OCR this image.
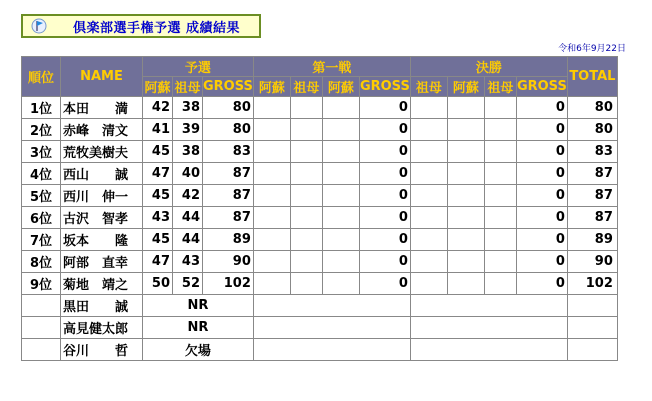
倶楽部選手権予選 成績結果
令和6年9月22日
順位	NAME	予選			第一戦				決勝				TOTAL
		阿蘇	祖母	GROSS	阿蘇	祖母	阿蘇	GROSS	祖母	阿蘇	祖母	GROSS	
1位	本田　　満	42	38	80				0				0	80
2位	赤峰　清文	41	39	80				0				0	80
3位	荒牧美樹夫	45	38	83				0				0	83
4位	西山　　誠	47	40	87				0				0	87
5位	西川　伸一	45	42	87				0				0	87
6位	古沢　智孝	43	44	87				0				0	87
7位	坂本　　隆	45	44	89				0				0	89
8位	阿部　直幸	47	43	90				0				0	90
9位	菊地　靖之	50	52	102				0				0	102
	黒田　　誠	NR											
	高見健太郎	NR											
	谷川　　哲	欠場											
